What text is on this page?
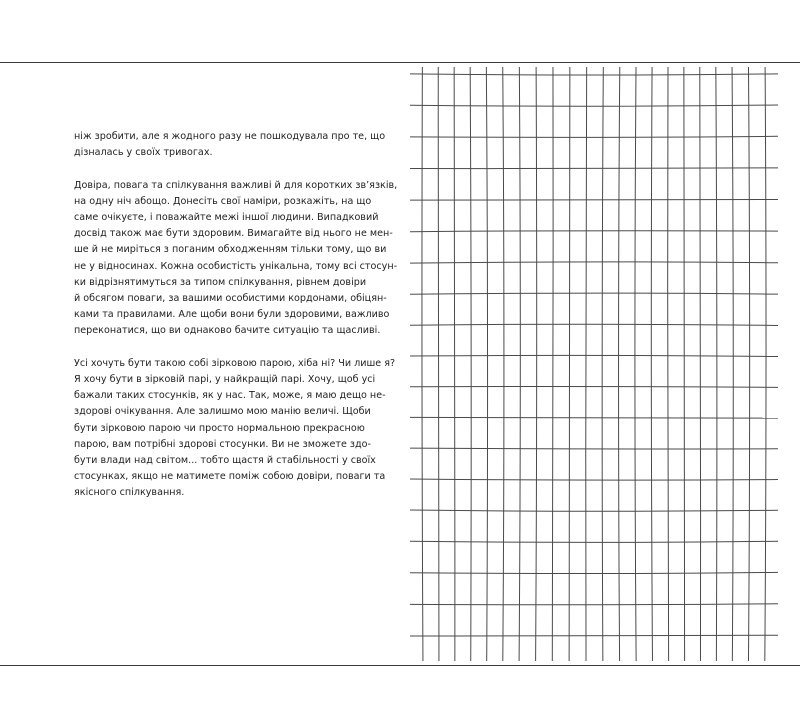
ніж зробити, але я жодного разу не пошкодувала про те, що
дізналась у своїх тривогах.

Довіра, повага та спілкування важливі й для коротких зв’язків,
на одну ніч абощо. Донесіть свої наміри, розкажіть, на що
саме очікуєте, і поважайте межі іншої людини. Випадковий
досвід також має бути здоровим. Вимагайте від нього не мен-
ше й не миріться з поганим обходженням тільки тому, що ви
не у відносинах. Кожна особистість унікальна, тому всі стосун-
ки відрізнятимуться за типом спілкування, рівнем довіри
й обсягом поваги, за вашими особистими кордонами, обіцян-
ками та правилами. Але щоби вони були здоровими, важливо
переконатися, що ви однаково бачите ситуацію та щасливі.

Усі хочуть бути такою собі зірковою парою, хіба ні? Чи лише я?
Я хочу бути в зірковій парі, у найкращій парі. Хочу, щоб усі
бажали таких стосунків, як у нас. Так, може, я маю дещо не-
здорові очікування. Але залишмо мою манію величі. Щоби
бути зірковою парою чи просто нормальною прекрасною
парою, вам потрібні здорові стосунки. Ви не зможете здо-
бути влади над світом... тобто щастя й стабільності у своїх
стосунках, якщо не матимете поміж собою довіри, поваги та
якісного спілкування.
